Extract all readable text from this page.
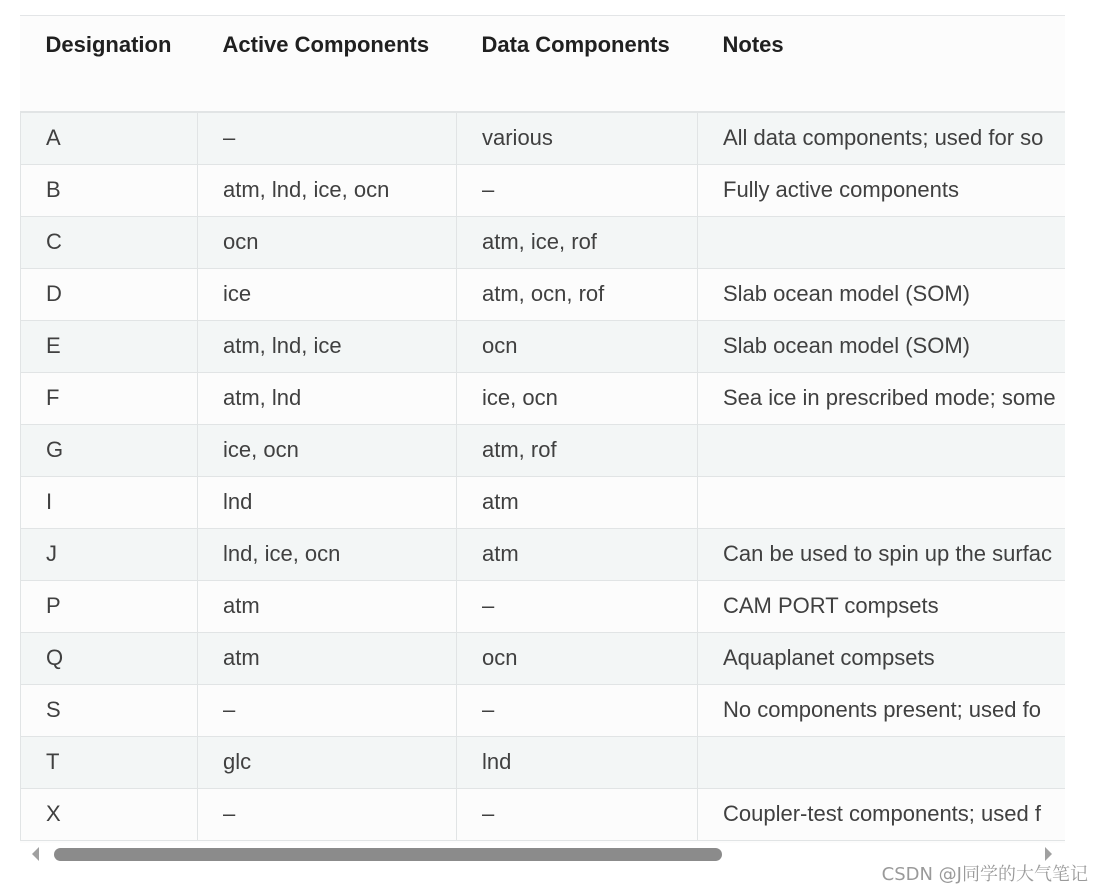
Designation	Active Components	Data Components	Notes
A	–	various	All data components; used for so
B	atm, lnd, ice, ocn	–	Fully active components
C	ocn	atm, ice, rof	
D	ice	atm, ocn, rof	Slab ocean model (SOM)
E	atm, lnd, ice	ocn	Slab ocean model (SOM)
F	atm, lnd	ice, ocn	Sea ice in prescribed mode; some
G	ice, ocn	atm, rof	
I	lnd	atm	
J	lnd, ice, ocn	atm	Can be used to spin up the surfac
P	atm	–	CAM PORT compsets
Q	atm	ocn	Aquaplanet compsets
S	–	–	No components present; used fo
T	glc	lnd	
X	–	–	Coupler-test components; used f
CSDN @J同学的大气笔记
